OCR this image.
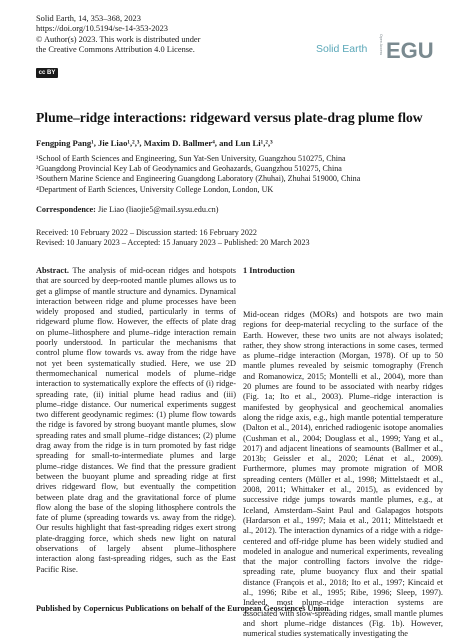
Solid Earth, 14, 353–368, 2023
https://doi.org/10.5194/se-14-353-2023
© Author(s) 2023. This work is distributed under
the Creative Commons Attribution 4.0 License.
cc BY
Solid Earth	Open Access EGU
Plume–ridge interactions: ridgeward versus plate-drag plume flow
Fengping Pang¹, Jie Liao¹,²,³, Maxim D. Ballmer⁴, and Lun Li¹,²,³
¹School of Earth Sciences and Engineering, Sun Yat-Sen University, Guangzhou 510275, China
²Guangdong Provincial Key Lab of Geodynamics and Geohazards, Guangzhou 510275, China
³Southern Marine Science and Engineering Guangdong Laboratory (Zhuhai), Zhuhai 519000, China
⁴Department of Earth Sciences, University College London, London, UK
Correspondence: Jie Liao (liaojie5@mail.sysu.edu.cn)
Received: 10 February 2022 – Discussion started: 16 February 2022
Revised: 10 January 2023 – Accepted: 15 January 2023 – Published: 20 March 2023
Abstract. The analysis of mid-ocean ridges and hotspots that are sourced by deep-rooted mantle plumes allows us to get a glimpse of mantle structure and dynamics. Dynamical interaction between ridge and plume processes have been widely proposed and studied, particularly in terms of ridgeward plume flow. However, the effects of plate drag on plume–lithosphere and plume–ridge interaction remain poorly understood. In particular the mechanisms that control plume flow towards vs. away from the ridge have not yet been systematically studied. Here, we use 2D thermomechanical numerical models of plume–ridge interaction to systematically explore the effects of (i) ridge-spreading rate, (ii) initial plume head radius and (iii) plume–ridge distance. Our numerical experiments suggest two different geodynamic regimes: (1) plume flow towards the ridge is favored by strong buoyant mantle plumes, slow spreading rates and small plume–ridge distances; (2) plume drag away from the ridge is in turn promoted by fast ridge spreading for small-to-intermediate plumes and large plume–ridge distances. We find that the pressure gradient between the buoyant plume and spreading ridge at first drives ridgeward flow, but eventually the competition between plate drag and the gravitational force of plume flow along the base of the sloping lithosphere controls the fate of plume (spreading towards vs. away from the ridge). Our results highlight that fast-spreading ridges exert strong plate-dragging force, which sheds new light on natural observations of largely absent plume–lithosphere interaction along fast-spreading ridges, such as the East Pacific Rise.
1 Introduction
Mid-ocean ridges (MORs) and hotspots are two main regions for deep-material recycling to the surface of the Earth. However, these two units are not always isolated; rather, they show strong interactions in some cases, termed as plume–ridge interaction (Morgan, 1978). Of up to 50 mantle plumes revealed by seismic tomography (French and Romanowicz, 2015; Montelli et al., 2004), more than 20 plumes are found to be associated with nearby ridges (Fig. 1a; Ito et al., 2003). Plume–ridge interaction is manifested by geophysical and geochemical anomalies along the ridge axis, e.g., high mantle potential temperature (Dalton et al., 2014), enriched radiogenic isotope anomalies (Cushman et al., 2004; Douglass et al., 1999; Yang et al., 2017) and adjacent lineations of seamounts (Ballmer et al., 2013b; Geissler et al., 2020; Lénat et al., 2009). Furthermore, plumes may promote migration of MOR spreading centers (Müller et al., 1998; Mittelstaedt et al., 2008, 2011; Whittaker et al., 2015), as evidenced by successive ridge jumps towards mantle plumes, e.g., at Iceland, Amsterdam–Saint Paul and Galapagos hotspots (Hardarson et al., 1997; Maia et al., 2011; Mittelstaedt et al., 2012). The interaction dynamics of a ridge with a ridge-centered and off-ridge plume has been widely studied and modeled in analogue and numerical experiments, revealing that the major controlling factors involve the ridge-spreading rate, plume buoyancy flux and their spatial distance (François et al., 2018; Ito et al., 1997; Kincaid et al., 1996; Ribe et al., 1995; Ribe, 1996; Sleep, 1997). Indeed, most plume–ridge interaction systems are associated with slow-spreading ridges, small mantle plumes and short plume–ridge distances (Fig. 1b). However, numerical studies systematically investigating the
Published by Copernicus Publications on behalf of the European Geosciences Union.
